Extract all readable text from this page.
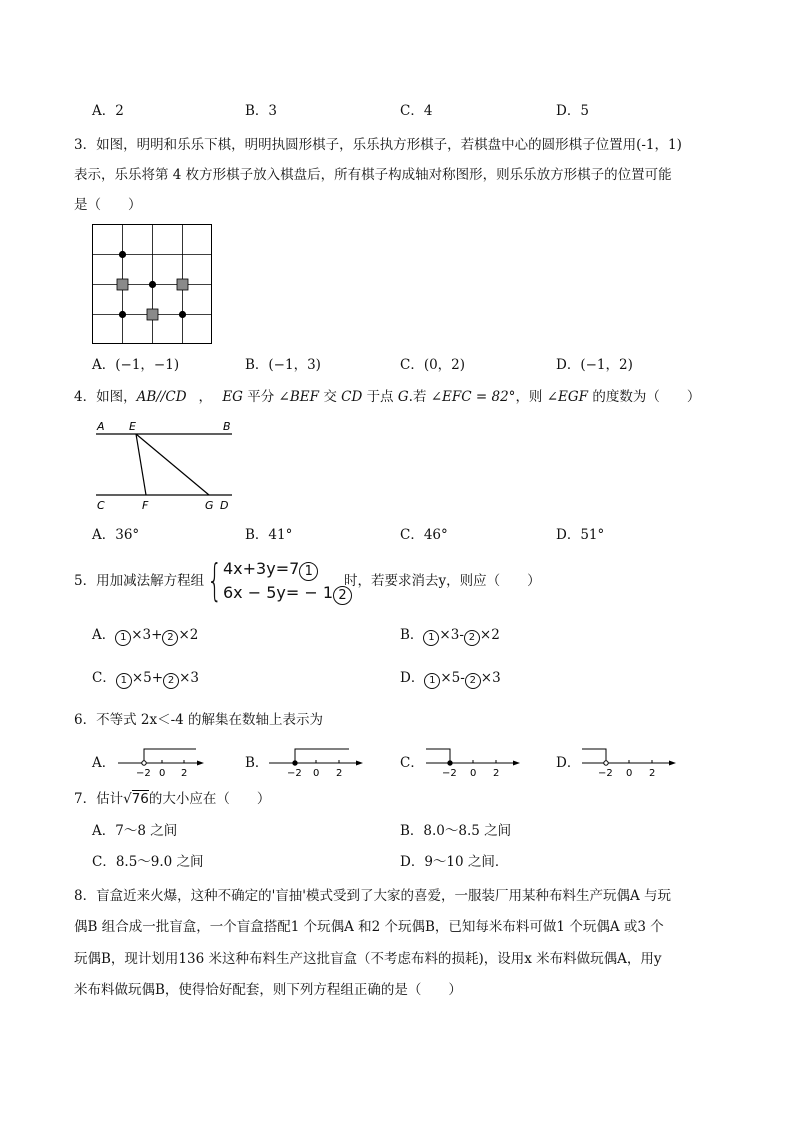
A．2	B．3	C．4	D．5
3．如图，明明和乐乐下棋，明明执圆形棋子，乐乐执方形棋子，若棋盘中心的圆形棋子位置用(-1，1)
表示，乐乐将第 4 枚方形棋子放入棋盘后，所有棋子构成轴对称图形，则乐乐放方形棋子的位置可能
是（　　）
A．(−1，−1)	B．(−1，3)	C．(0，2)	D．(−1，2)
4．如图，AB//CD ， EG 平分 ∠BEF 交 CD 于点 G.若 ∠EFC = 82°，则 ∠EGF 的度数为（　　）
A E	B
C	F	G D
A．36°	B．41°	C．46°	D．51°
5．用加减法解方程组 { 4x+3y=7 1
6x − 5y= − 1 2
时，若要求消去y，则应（　　）
A． 1 ×3+ 2 ×2	B． 1 ×3- 2 ×2
C． 1 ×5+ 2 ×3	D． 1 ×5- 2 ×3
6．不等式 2x＜-4 的解集在数轴上表示为
A．
−2 0 2
B．
−2 0 2
C．
−2 0 2
D．
−2 0 2
7．估计√76的大小应在（　　）
A．7～8 之间	B．8.0～8.5 之间
C．8.5～9.0 之间	D．9～10 之间．
8．盲盒近来火爆，这种不确定的'盲抽'模式受到了大家的喜爱，一服装厂用某种布料生产玩偶A 与玩
偶B 组合成一批盲盒，一个盲盒搭配1 个玩偶A 和2 个玩偶B，已知每米布料可做1 个玩偶A 或3 个
玩偶B，现计划用136 米这种布料生产这批盲盒（不考虑布料的损耗)，设用x 米布料做玩偶A，用y
米布料做玩偶B，使得恰好配套，则下列方程组正确的是（　　）
